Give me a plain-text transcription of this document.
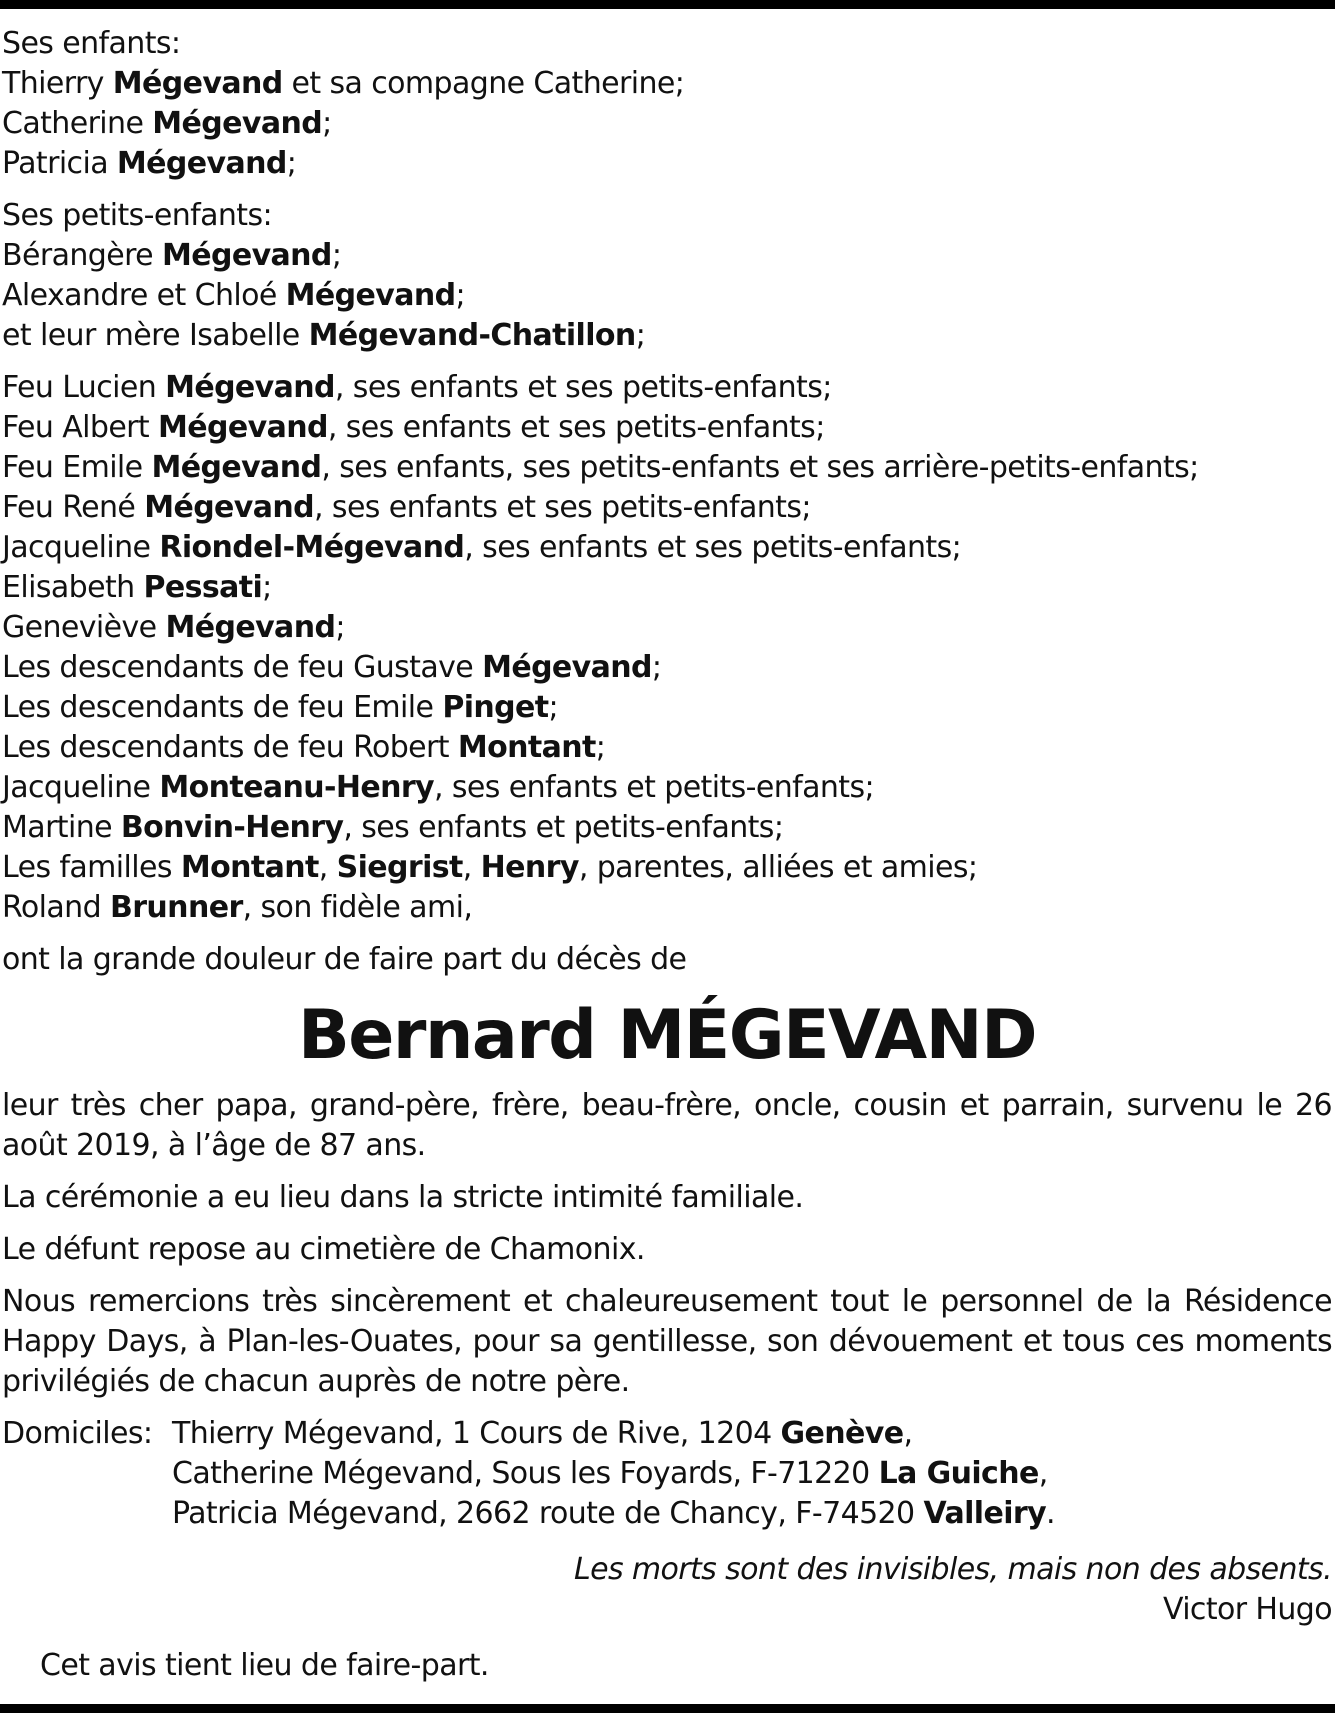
Ses enfants:
Thierry Mégevand et sa compagne Catherine;
Catherine Mégevand;
Patricia Mégevand;
Ses petits-enfants:
Bérangère Mégevand;
Alexandre et Chloé Mégevand;
et leur mère Isabelle Mégevand-Chatillon;
Feu Lucien Mégevand, ses enfants et ses petits-enfants;
Feu Albert Mégevand, ses enfants et ses petits-enfants;
Feu Emile Mégevand, ses enfants, ses petits-enfants et ses arrière-petits-enfants;
Feu René Mégevand, ses enfants et ses petits-enfants;
Jacqueline Riondel-Mégevand, ses enfants et ses petits-enfants;
Elisabeth Pessati;
Geneviève Mégevand;
Les descendants de feu Gustave Mégevand;
Les descendants de feu Emile Pinget;
Les descendants de feu Robert Montant;
Jacqueline Monteanu-Henry, ses enfants et petits-enfants;
Martine Bonvin-Henry, ses enfants et petits-enfants;
Les familles Montant, Siegrist, Henry, parentes, alliées et amies;
Roland Brunner, son fidèle ami,
ont la grande douleur de faire part du décès de
Bernard MÉGEVAND
leur très cher papa, grand-père, frère, beau-frère, oncle, cousin et parrain, survenu le 26 août 2019, à l’âge de 87 ans.
La cérémonie a eu lieu dans la stricte intimité familiale.
Le défunt repose au cimetière de Chamonix.
Nous remercions très sincèrement et chaleureusement tout le personnel de la Résidence Happy Days, à Plan-les-Ouates, pour sa gentillesse, son dévouement et tous ces moments privilégiés de chacun auprès de notre père.
Domiciles: Thierry Mégevand, 1 Cours de Rive, 1204 Genève,
Catherine Mégevand, Sous les Foyards, F-71220 La Guiche,
Patricia Mégevand, 2662 route de Chancy, F-74520 Valleiry.
Les morts sont des invisibles, mais non des absents.
Victor Hugo
Cet avis tient lieu de faire-part.
